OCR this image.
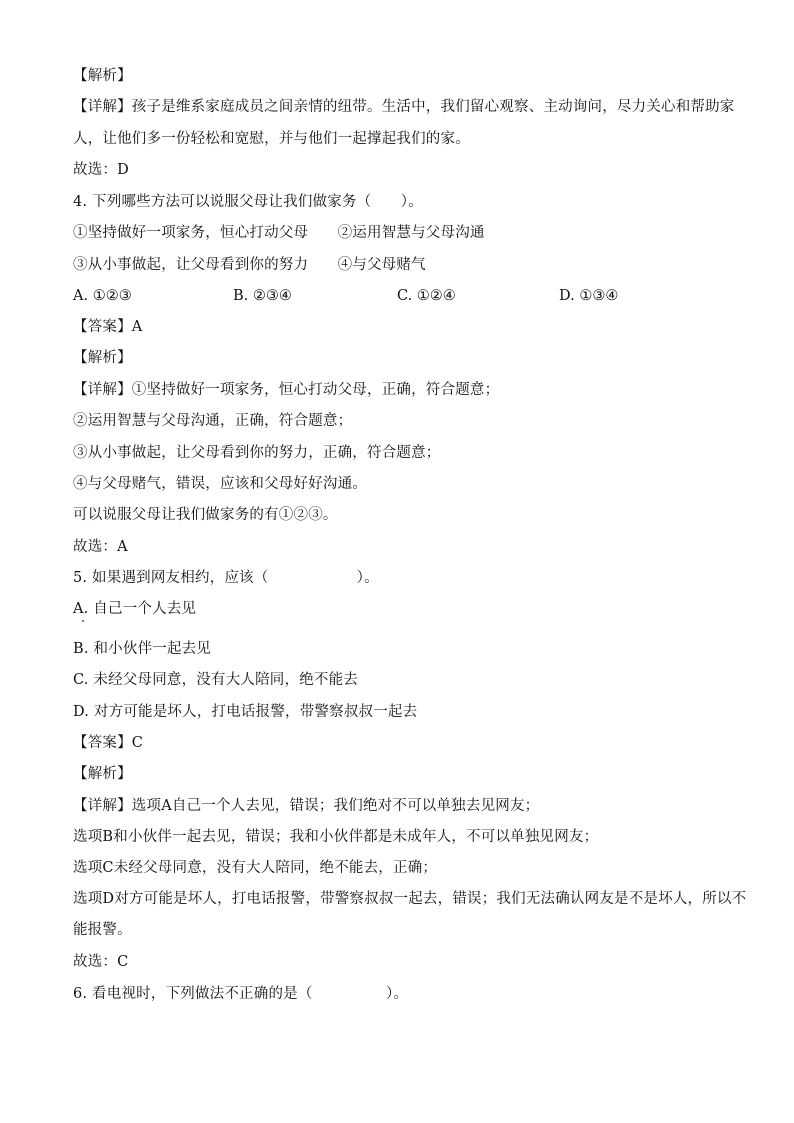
【解析】
【详解】孩子是维系家庭成员之间亲情的纽带。生活中，我们留心观察、主动询问，尽力关心和帮助家
人，让他们多一份轻松和宽慰，并与他们一起撑起我们的家。
故选：D
4. 下列哪些方法可以说服父母让我们做家务（　　）。
①坚持做好一项家务，恒心打动父母　　②运用智慧与父母沟通
③从小事做起，让父母看到你的努力　　④与父母赌气
A. ①②③	B. ②③④	C. ①②④	D. ①③④
【答案】A
【解析】
【详解】①坚持做好一项家务，恒心打动父母，正确，符合题意；
②运用智慧与父母沟通，正确，符合题意；
③从小事做起，让父母看到你的努力，正确，符合题意；
④与父母赌气，错误，应该和父母好好沟通。
可以说服父母让我们做家务的有①②③。
故选：A
5. 如果遇到网友相约，应该（　　　　　　）。
A. 自己一个人去见
B. 和小伙伴一起去见
C. 未经父母同意，没有大人陪同，绝不能去
D. 对方可能是坏人，打电话报警，带警察叔叔一起去
【答案】C
【解析】
【详解】选项A自己一个人去见，错误；我们绝对不可以单独去见网友；
选项B和小伙伴一起去见，错误；我和小伙伴都是未成年人，不可以单独见网友；
选项C未经父母同意，没有大人陪同，绝不能去，正确；
选项D对方可能是坏人，打电话报警，带警察叔叔一起去，错误；我们无法确认网友是不是坏人，所以不
能报警。
故选：C
6. 看电视时，下列做法不正确的是（　　　　　）。
